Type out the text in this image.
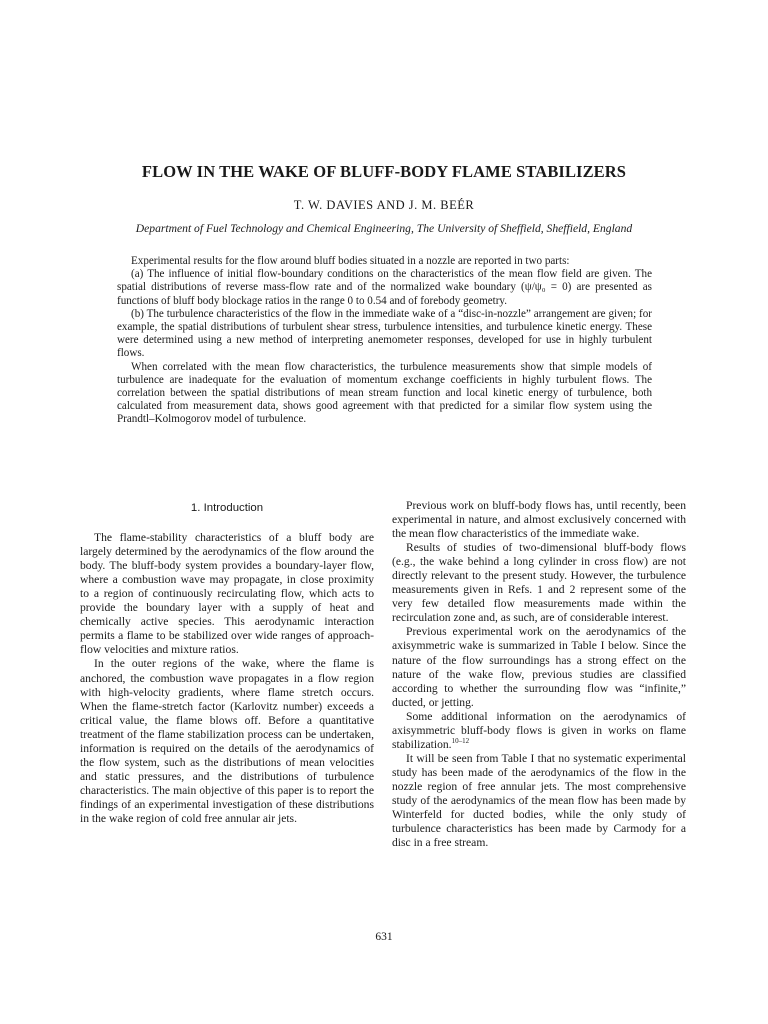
FLOW IN THE WAKE OF BLUFF-BODY FLAME STABILIZERS
T. W. DAVIES AND J. M. BEÉR
Department of Fuel Technology and Chemical Engineering, The University of Sheffield, Sheffield, England

Experimental results for the flow around bluff bodies situated in a nozzle are reported in two parts:

(a) The influence of initial flow-boundary conditions on the characteristics of the mean flow field are given. The spatial distributions of reverse mass-flow rate and of the normalized wake boundary (ψ/ψ₀ = 0) are presented as functions of bluff body blockage ratios in the range 0 to 0.54 and of forebody geometry.

(b) The turbulence characteristics of the flow in the immediate wake of a “disc-in-nozzle” arrangement are given; for example, the spatial distributions of turbulent shear stress, turbulence intensities, and turbulence kinetic energy. These were determined using a new method of interpreting anemometer responses, developed for use in highly turbulent flows.

When correlated with the mean flow characteristics, the turbulence measurements show that simple models of turbulence are inadequate for the evaluation of momentum exchange coefficients in highly turbulent flows. The correlation between the spatial distributions of mean stream function and local kinetic energy of turbulence, both calculated from measurement data, shows good agreement with that predicted for a similar flow system using the Prandtl–Kolmogorov model of turbulence.

1. Introduction

The flame-stability characteristics of a bluff body are largely determined by the aerodynamics of the flow around the body. The bluff-body system provides a boundary-layer flow, where a combustion wave may propagate, in close proximity to a region of continuously recirculating flow, which acts to provide the boundary layer with a supply of heat and chemically active species. This aerodynamic interaction permits a flame to be stabilized over wide ranges of approach-flow velocities and mixture ratios.

In the outer regions of the wake, where the flame is anchored, the combustion wave propagates in a flow region with high-velocity gradients, where flame stretch occurs. When the flame-stretch factor (Karlovitz number) exceeds a critical value, the flame blows off. Before a quantitative treatment of the flame stabilization process can be undertaken, information is required on the details of the aerodynamics of the flow system, such as the distributions of mean velocities and static pressures, and the distributions of turbulence characteristics. The main objective of this paper is to report the findings of an experimental investigation of these distributions in the wake region of cold free annular air jets.

Previous work on bluff-body flows has, until recently, been experimental in nature, and almost exclusively concerned with the mean flow characteristics of the immediate wake.

Results of studies of two-dimensional bluff-body flows (e.g., the wake behind a long cylinder in cross flow) are not directly relevant to the present study. However, the turbulence measurements given in Refs. 1 and 2 represent some of the very few detailed flow measurements made within the recirculation zone and, as such, are of considerable interest.

Previous experimental work on the aerodynamics of the axisymmetric wake is summarized in Table I below. Since the nature of the flow surroundings has a strong effect on the nature of the wake flow, previous studies are classified according to whether the surrounding flow was “infinite,” ducted, or jetting.

Some additional information on the aerodynamics of axisymmetric bluff-body flows is given in works on flame stabilization.$^{10-12}$

It will be seen from Table I that no systematic experimental study has been made of the aerodynamics of the flow in the nozzle region of free annular jets. The most comprehensive study of the aerodynamics of the mean flow has been made by Winterfeld for ducted bodies, while the only study of turbulence characteristics has been made by Carmody for a disc in a free stream.

631
